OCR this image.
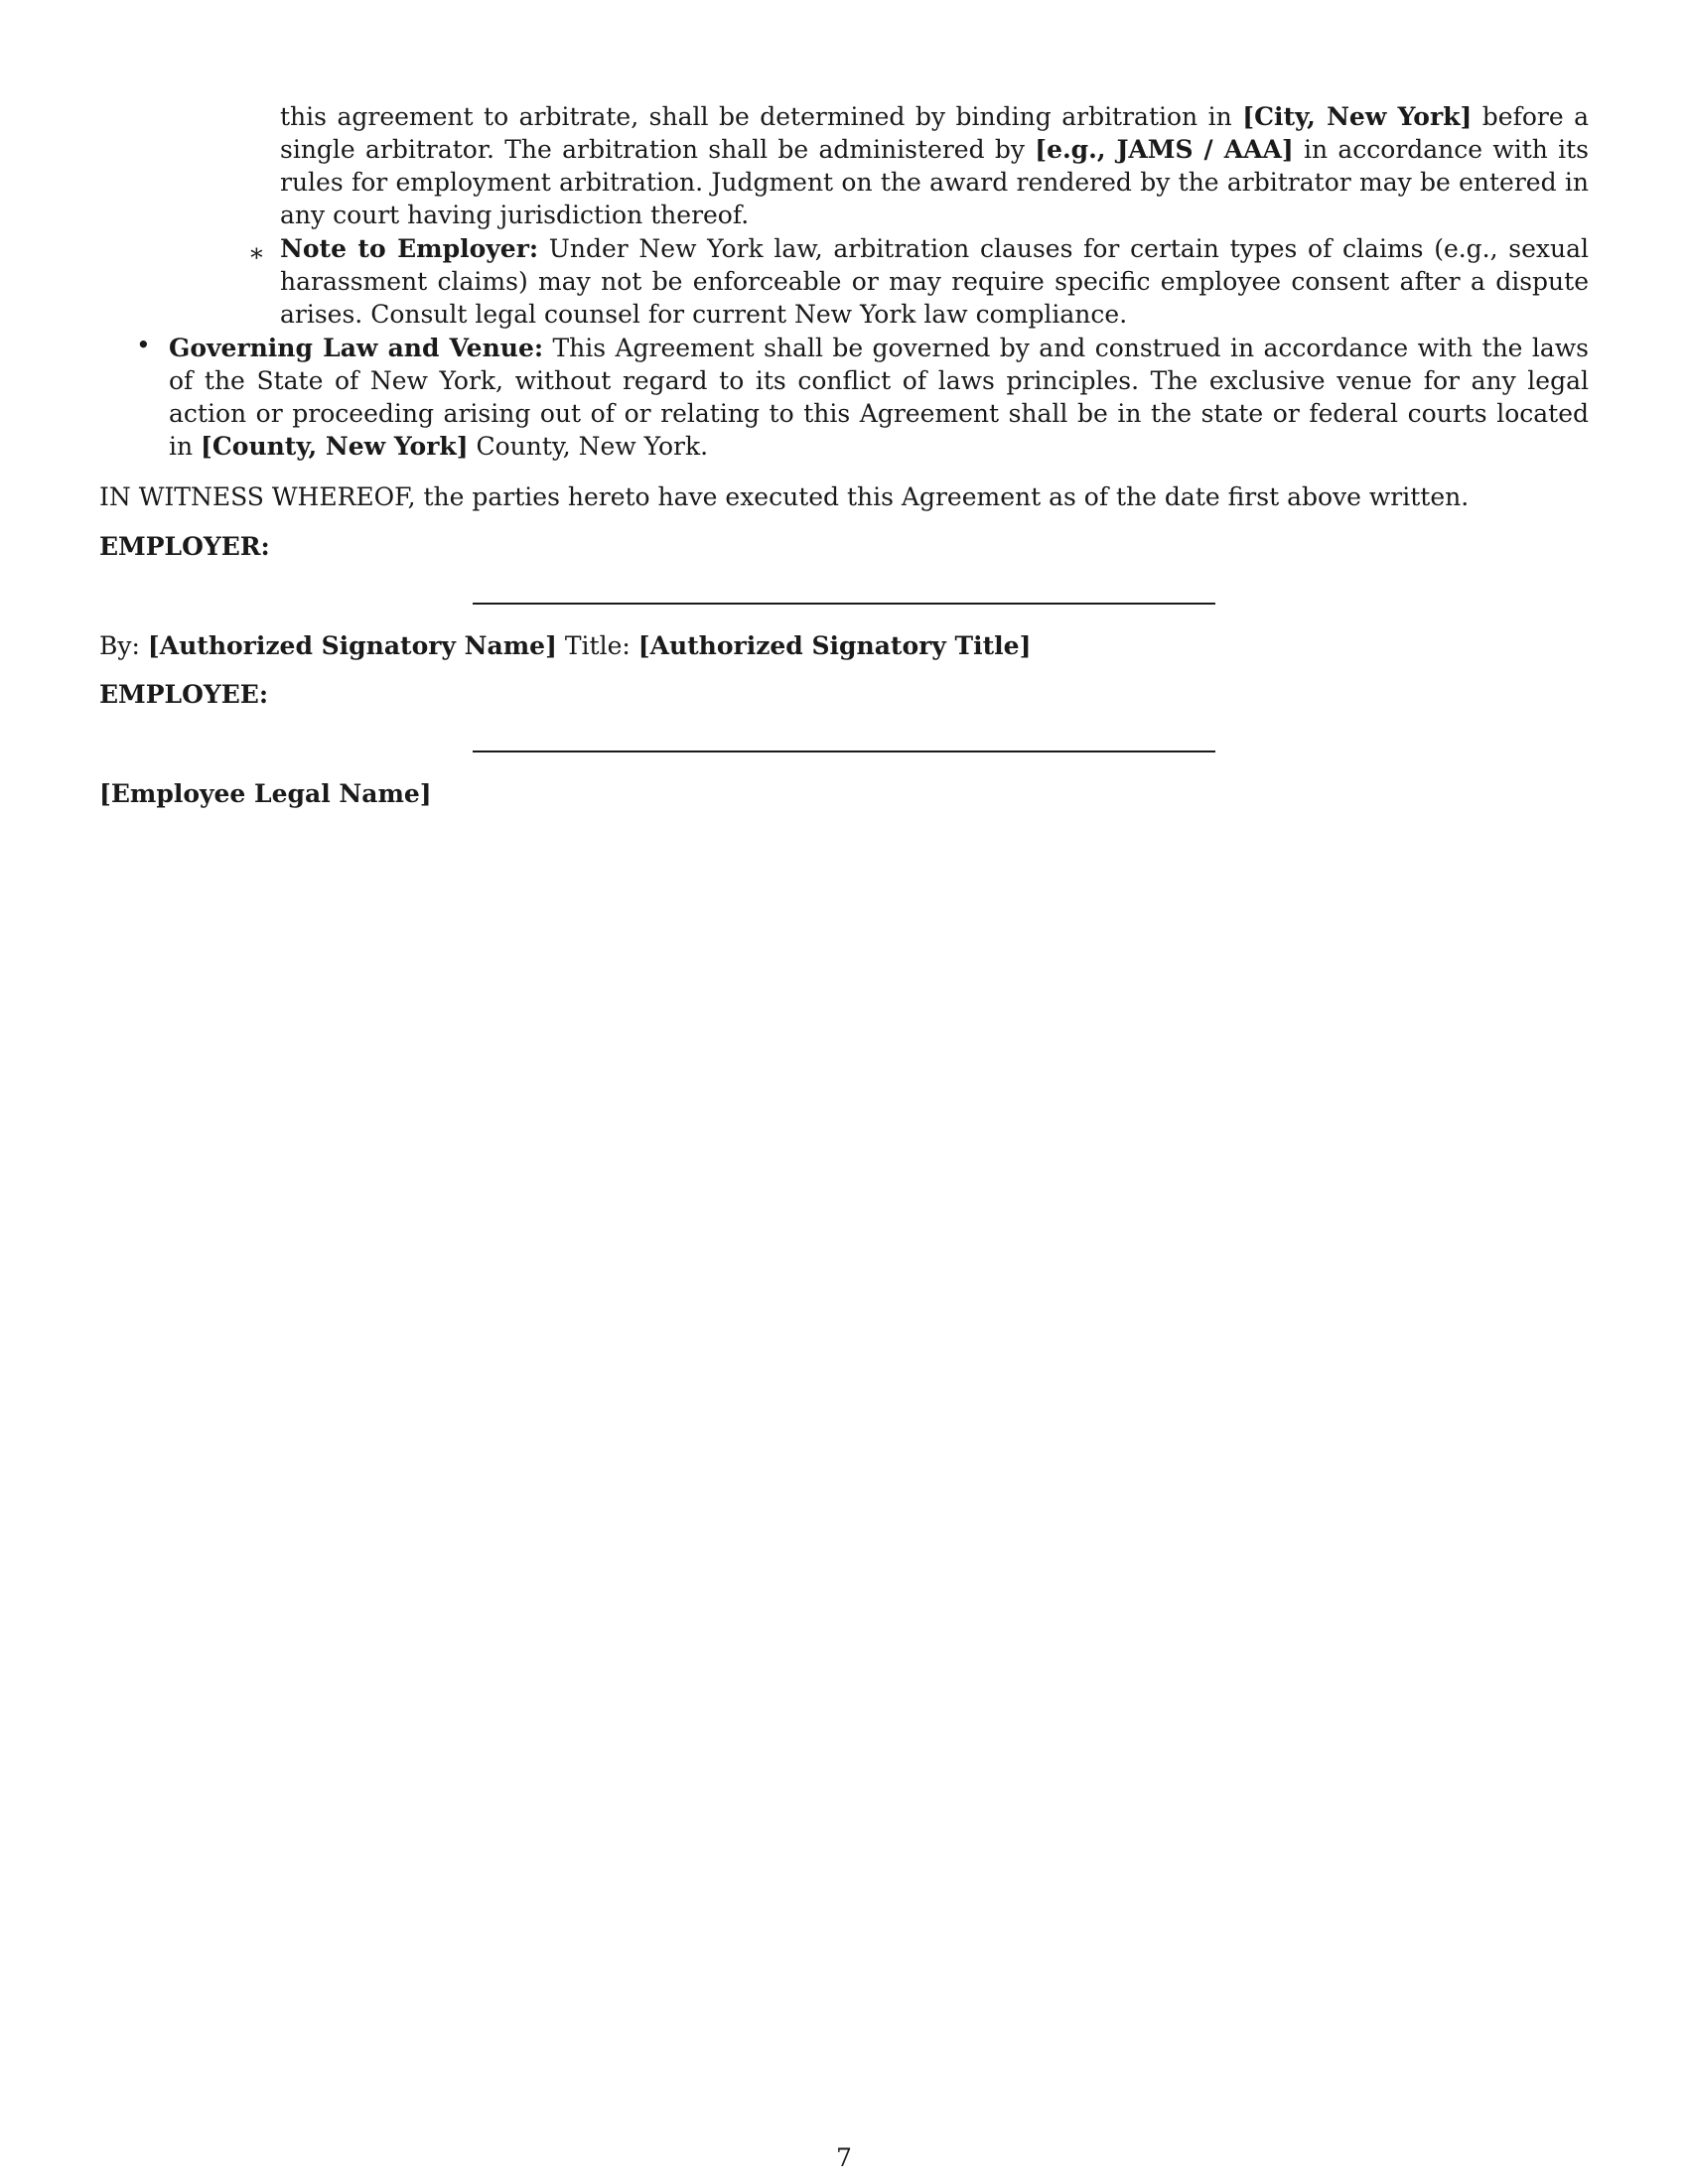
this agreement to arbitrate, shall be determined by binding arbitration in [City, New York] before a single arbitrator. The arbitration shall be administered by [e.g., JAMS / AAA] in accordance with its rules for employment arbitration. Judgment on the award rendered by the arbitrator may be entered in any court having jurisdiction thereof.

∗ Note to Employer: Under New York law, arbitration clauses for certain types of claims (e.g., sexual harassment claims) may not be enforceable or may require specific employee consent after a dispute arises. Consult legal counsel for current New York law compliance.

• Governing Law and Venue: This Agreement shall be governed by and construed in accordance with the laws of the State of New York, without regard to its conflict of laws principles. The exclusive venue for any legal action or proceeding arising out of or relating to this Agreement shall be in the state or federal courts located in [County, New York] County, New York.

IN WITNESS WHEREOF, the parties hereto have executed this Agreement as of the date first above written.
EMPLOYER:
By: [Authorized Signatory Name] Title: [Authorized Signatory Title]
EMPLOYEE:
[Employee Legal Name]
7
